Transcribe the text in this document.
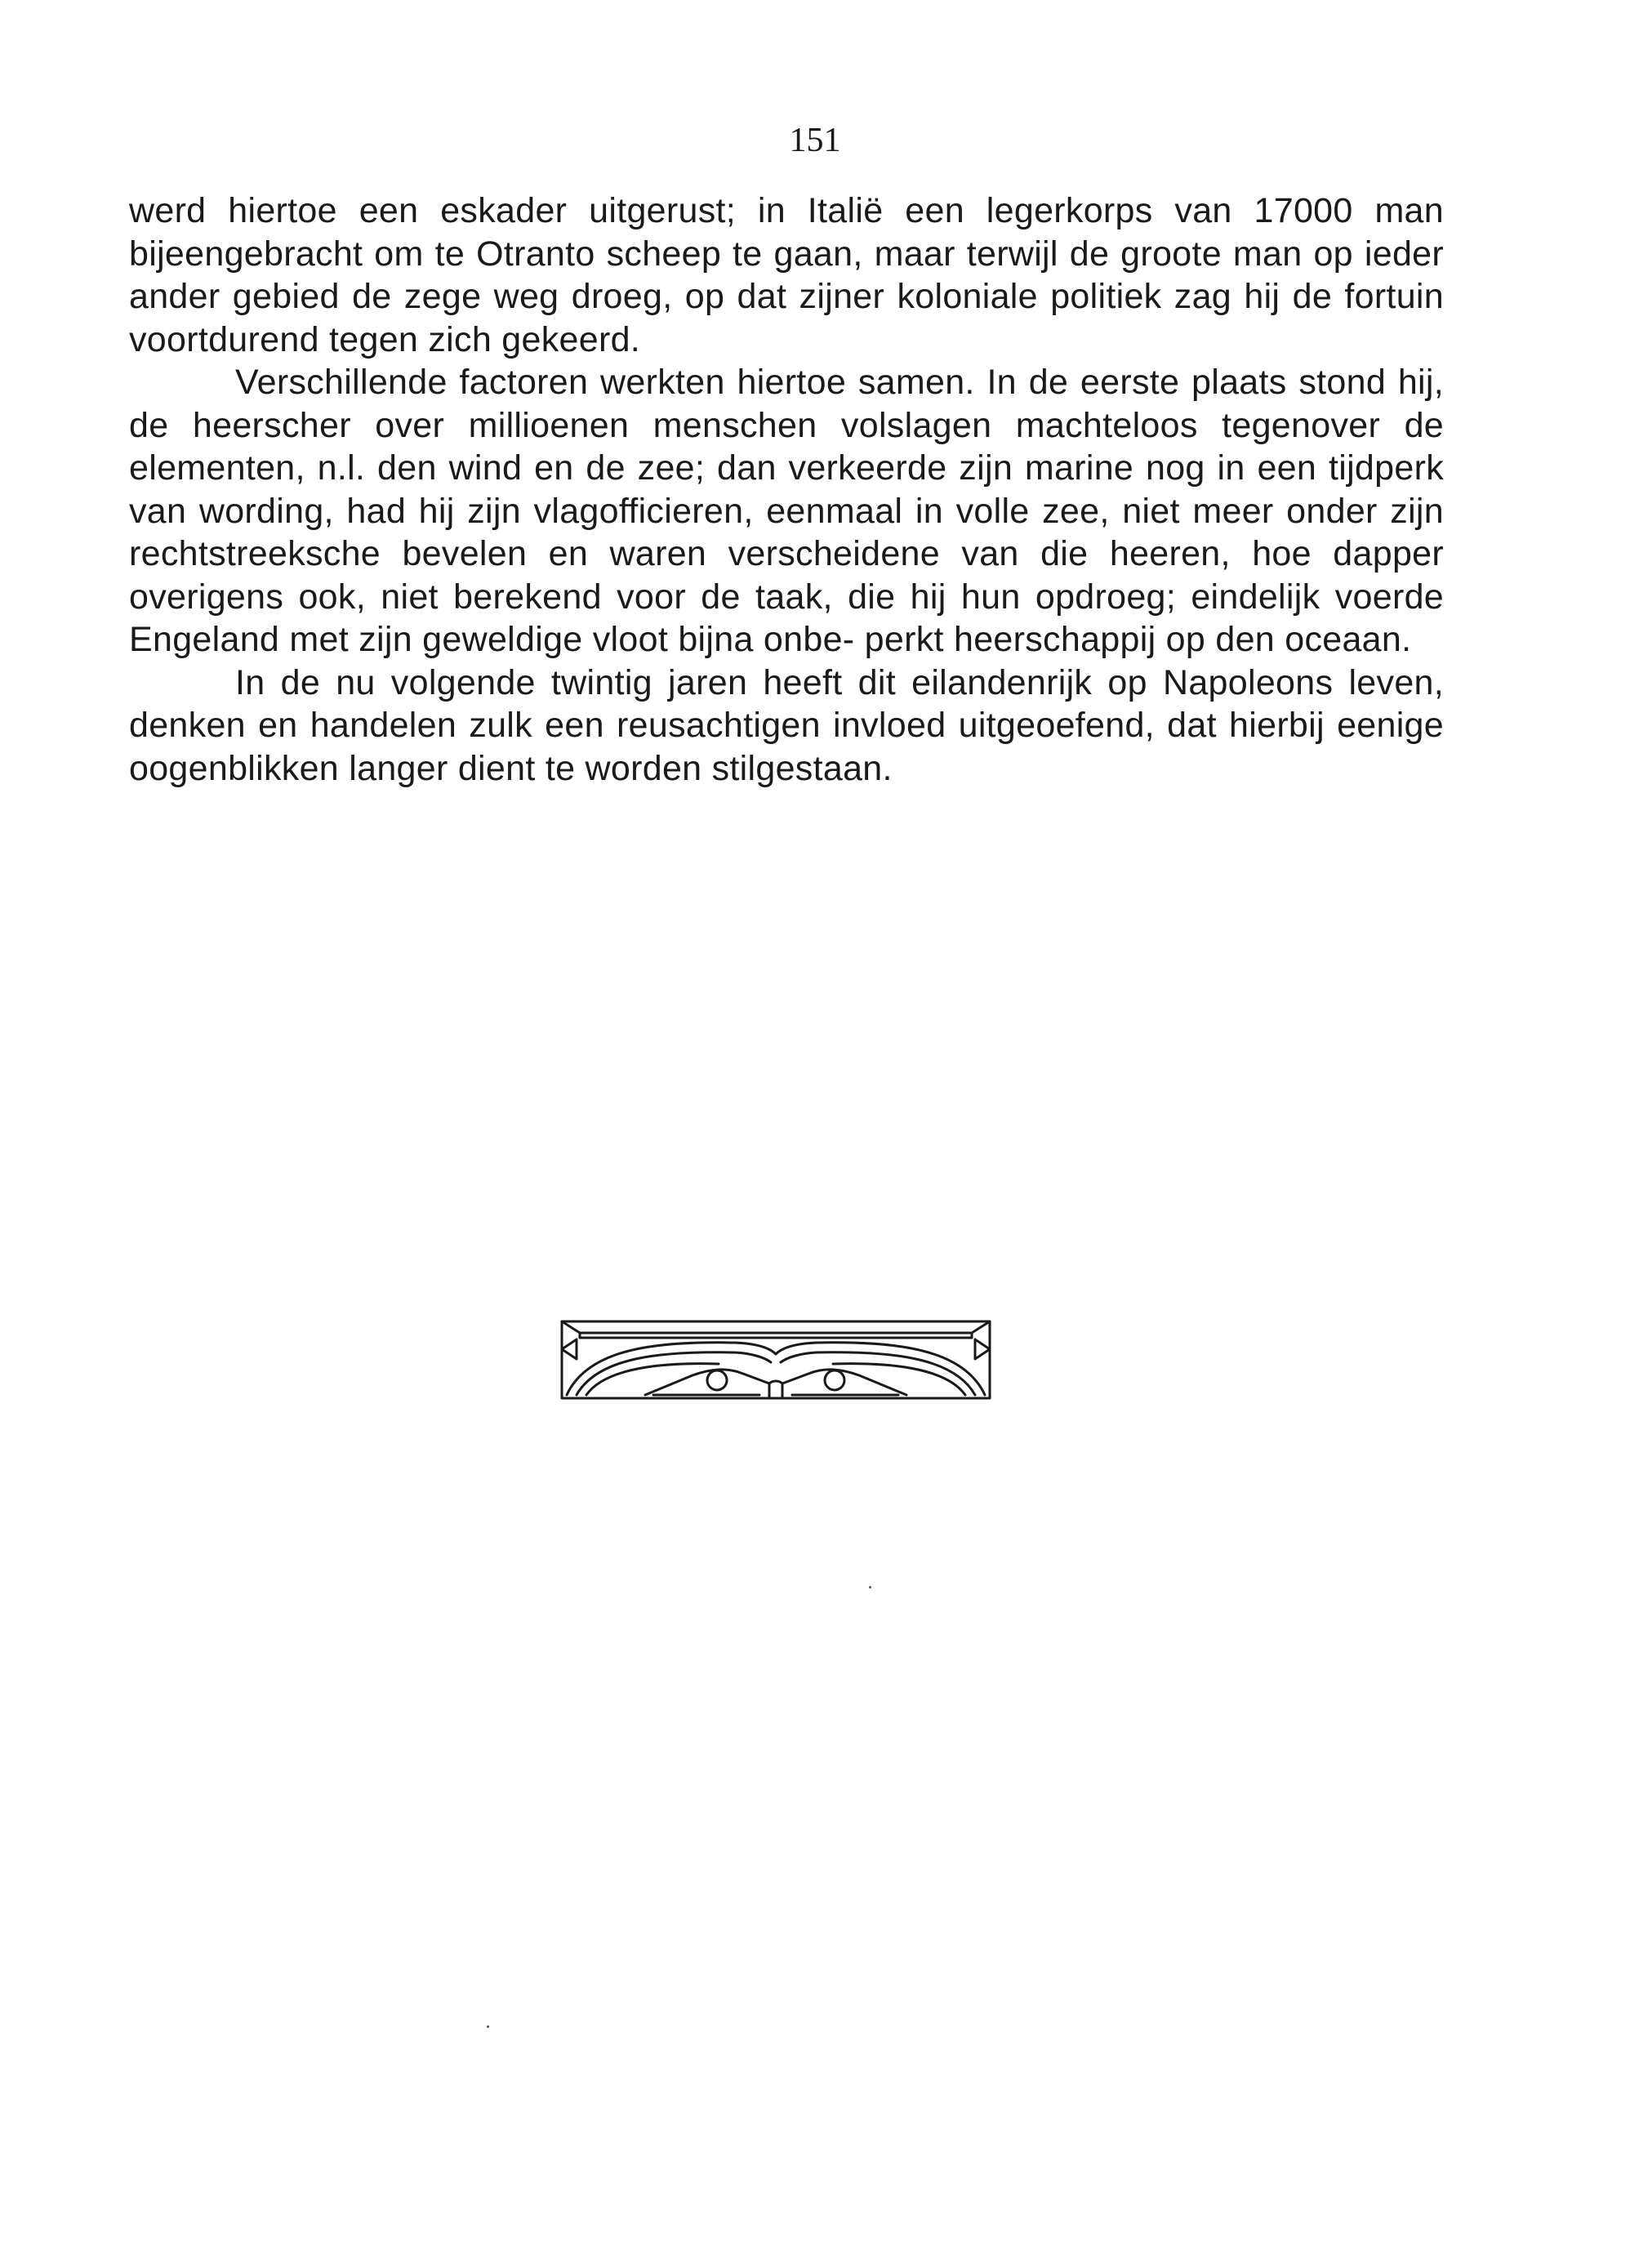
151

werd hiertoe een eskader uitgerust; in Italië een legerkorps van 17000 man bijeengebracht om te Otranto scheep te gaan, maar terwijl de groote man op ieder ander gebied de zege weg droeg, op dat zijner koloniale politiek zag hij de fortuin voortdurend tegen zich gekeerd.

Verschillende factoren werkten hiertoe samen. In de eerste plaats stond hij, de heerscher over millioenen menschen volslagen machteloos tegenover de elementen, n.l. den wind en de zee; dan verkeerde zijn marine nog in een tijdperk van wording, had hij zijn vlagofficieren, eenmaal in volle zee, niet meer onder zijn rechtstreeksche bevelen en waren verscheidene van die heeren, hoe dapper overigens ook, niet berekend voor de taak, die hij hun opdroeg; eindelijk voerde Engeland met zijn geweldige vloot bijna onbe- perkt heerschappij op den oceaan.

In de nu volgende twintig jaren heeft dit eilandenrijk op Napoleons leven, denken en handelen zulk een reusachtigen invloed uitgeoefend, dat hierbij eenige oogenblikken langer dient te worden stilgestaan.
